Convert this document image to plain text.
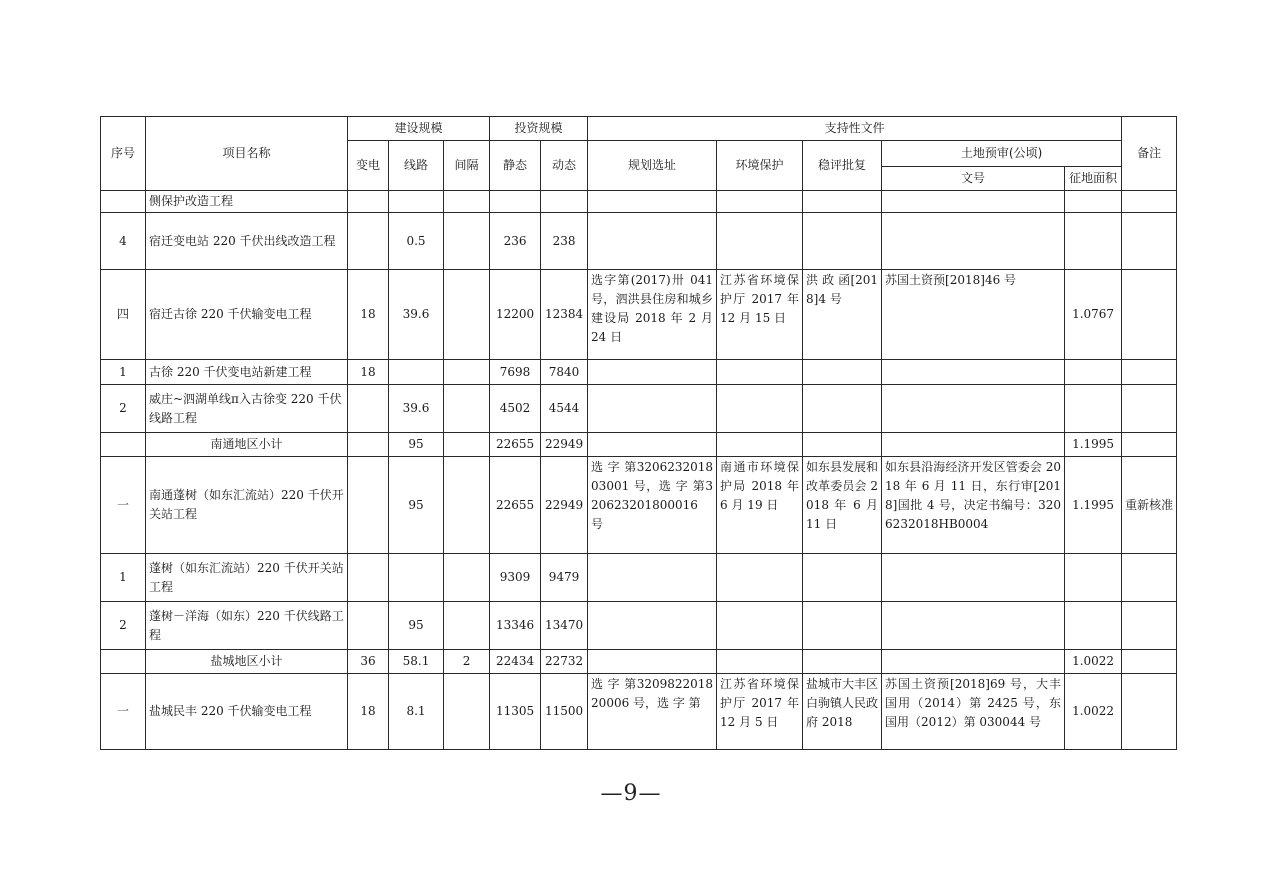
序号	项目名称	建设规模			投资规模		支持性文件					备注
		变电	线路	间隔	静态	动态	规划选址	环境保护	稳评批复	土地预审(公顷)		
										文号	征地面积	
	侧保护改造工程											
4	宿迁变电站 220 千伏出线改造工程		0.5		236	238						
四	宿迁古徐 220 千伏输变电工程	18	39.6		12200	12384	选字第(2017)卅 041号，泗洪县住房和城乡建设局 2018 年 2 月 24 日	江苏省环境保护厅 2017 年 12 月 15 日	洪 政 函[2018]4 号	苏国土资预[2018]46 号	1.0767	
1	古徐 220 千伏变电站新建工程	18			7698	7840						
2	威庄~泗湖单线π入古徐变 220 千伏线路工程		39.6		4502	4544						
	南通地区小计		95		22655	22949					1.1995	
一	南通蓬树（如东汇流站）220 千伏开关站工程		95		22655	22949	选 字 第320623201803001 号，选 字 第320623201800016 号	南通市环境保护局 2018 年 6 月 19 日	如东县发展和改革委员会 2018 年 6 月 11 日	如东县沿海经济开发区管委会 2018 年 6 月 11 日，东行审[2018]国批 4 号，决定书编号：3206232018HB0004	1.1995	重新核准
1	蓬树（如东汇流站）220 千伏开关站工程				9309	9479						
2	蓬树－洋海（如东）220 千伏线路工程		95		13346	13470						
	盐城地区小计	36	58.1	2	22434	22732					1.0022	
一	盐城民丰 220 千伏输变电工程	18	8.1		11305	11500	选 字 第320982201820006 号，选 字 第	江苏省环境保护厅 2017 年 12 月 5 日	盐城市大丰区白驹镇人民政府 2018	苏国土资预[2018]69 号，大丰国用（2014）第 2425 号，东国用（2012）第 030044 号	1.0022	
—9—
